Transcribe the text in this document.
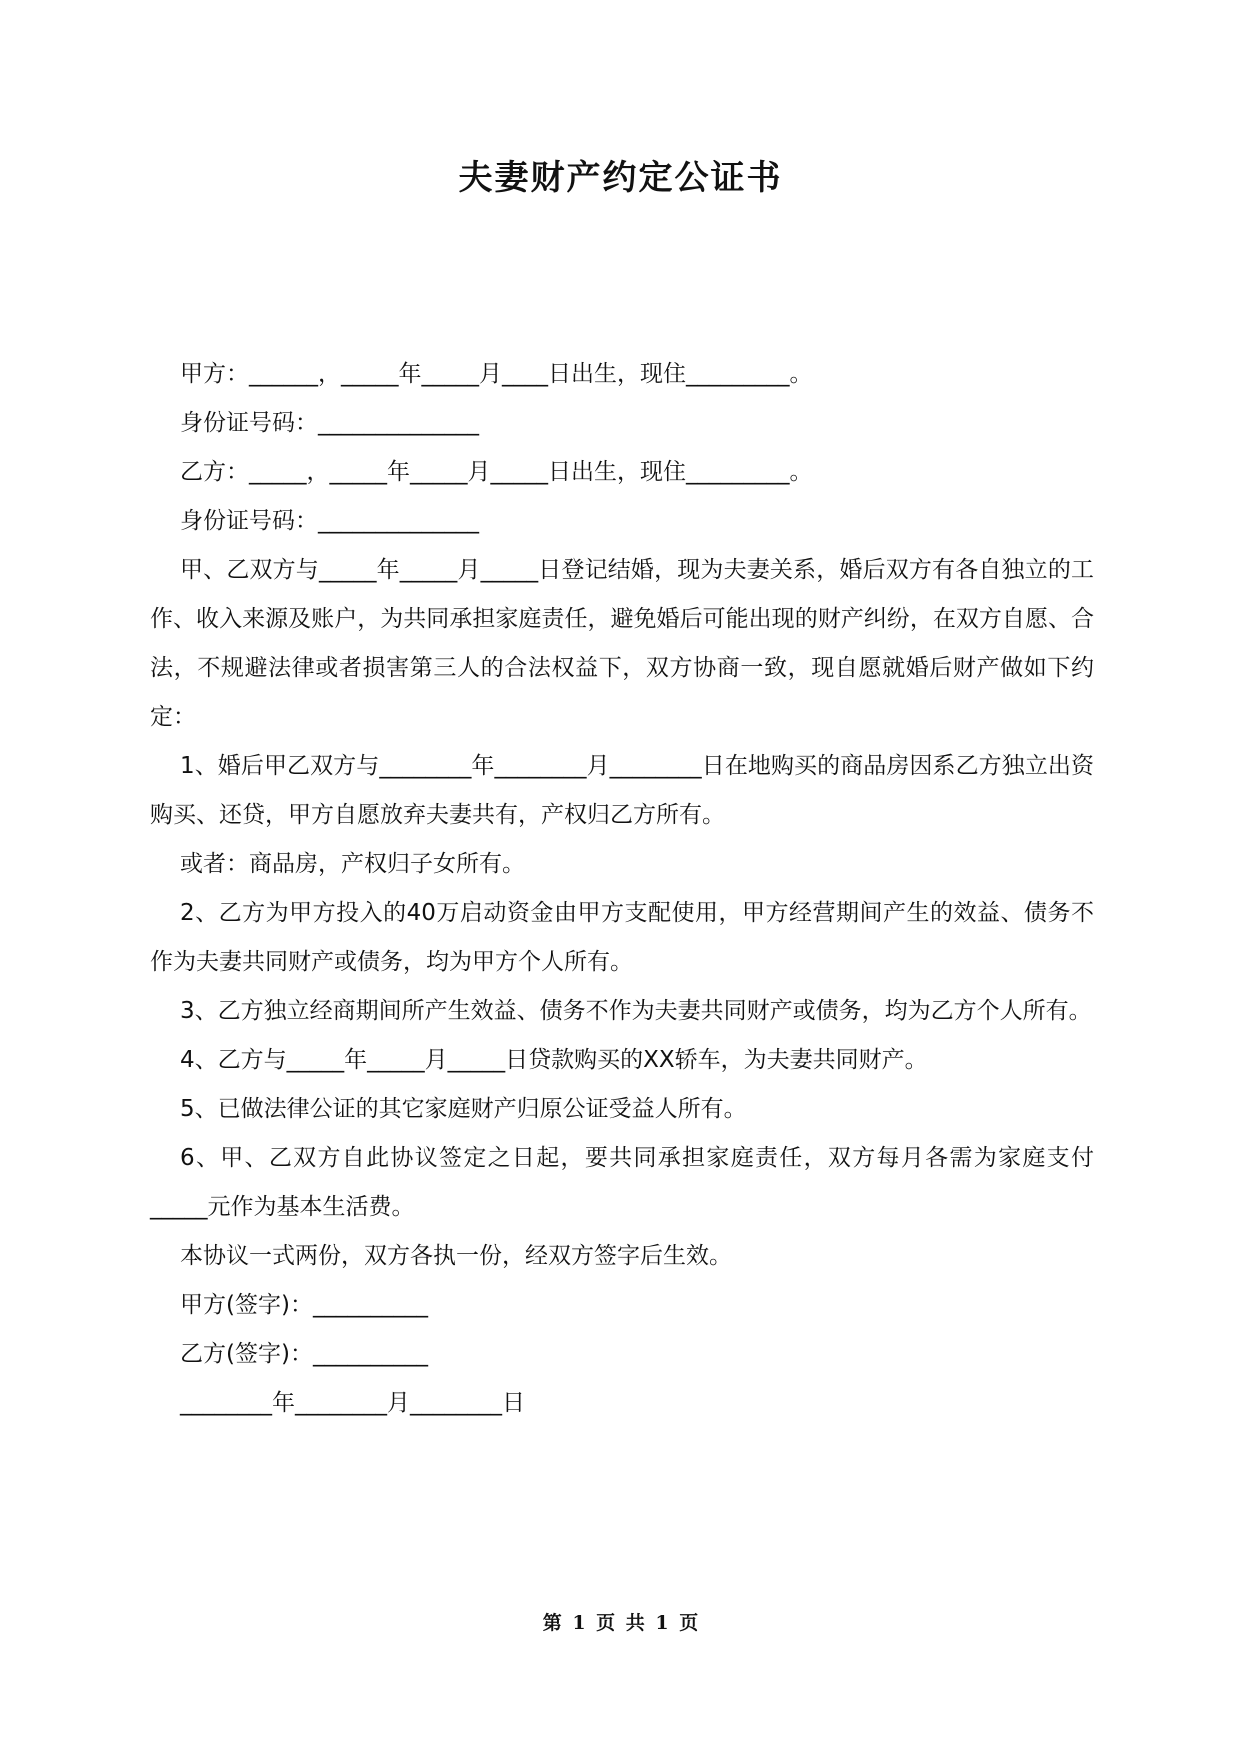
夫妻财产约定公证书

甲方：______，_____年_____月____日出生，现住_________。

身份证号码：______________

乙方：_____，_____年_____月_____日出生，现住_________。

身份证号码：______________

甲、乙双方与_____年_____月_____日登记结婚，现为夫妻关系，婚后双方有各自独立的工作、收入来源及账户，为共同承担家庭责任，避免婚后可能出现的财产纠纷，在双方自愿、合法，不规避法律或者损害第三人的合法权益下，双方协商一致，现自愿就婚后财产做如下约定：

1、婚后甲乙双方与________年________月________日在地购买的商品房因系乙方独立出资购买、还贷，甲方自愿放弃夫妻共有，产权归乙方所有。

或者：商品房，产权归子女所有。

2、乙方为甲方投入的40万启动资金由甲方支配使用，甲方经营期间产生的效益、债务不作为夫妻共同财产或债务，均为甲方个人所有。

3、乙方独立经商期间所产生效益、债务不作为夫妻共同财产或债务，均为乙方个人所有。

4、乙方与_____年_____月_____日贷款购买的XX轿车，为夫妻共同财产。

5、已做法律公证的其它家庭财产归原公证受益人所有。

6、甲、乙双方自此协议签定之日起，要共同承担家庭责任，双方每月各需为家庭支付_____元作为基本生活费。

本协议一式两份，双方各执一份，经双方签字后生效。

甲方(签字)：__________

乙方(签字)：__________

________年________月________日

第 1 页 共 1 页
